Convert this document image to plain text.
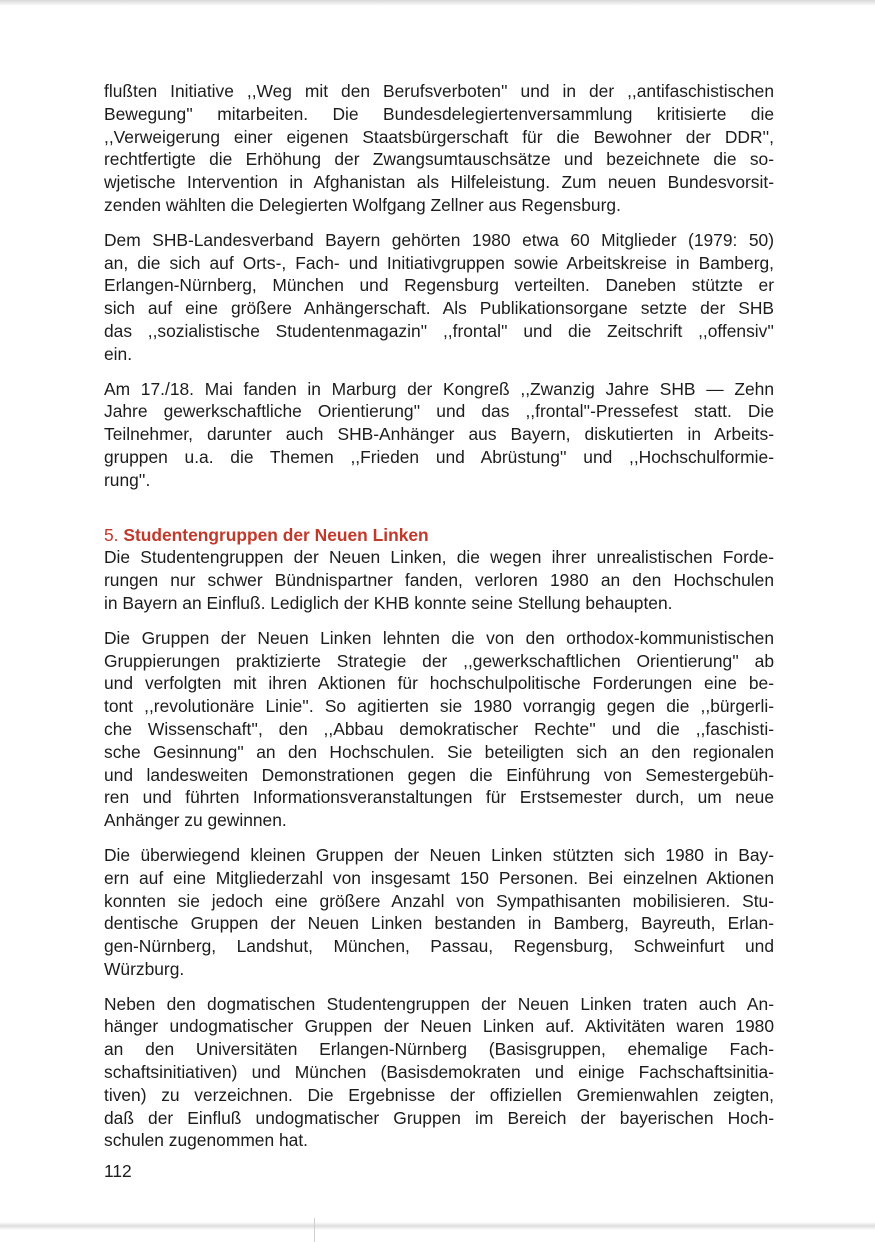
flußten Initiative ,,Weg mit den Berufsverboten'' und in der ,,antifaschistischen
Bewegung'' mitarbeiten. Die Bundesdelegiertenversammlung kritisierte die
,,Verweigerung einer eigenen Staatsbürgerschaft für die Bewohner der DDR'',
rechtfertigte die Erhöhung der Zwangsumtauschsätze und bezeichnete die so-
wjetische Intervention in Afghanistan als Hilfeleistung. Zum neuen Bundesvorsit-
zenden wählten die Delegierten Wolfgang Zellner aus Regensburg.

Dem SHB-Landesverband Bayern gehörten 1980 etwa 60 Mitglieder (1979: 50)
an, die sich auf Orts-, Fach- und Initiativgruppen sowie Arbeitskreise in Bamberg,
Erlangen-Nürnberg, München und Regensburg verteilten. Daneben stützte er
sich auf eine größere Anhängerschaft. Als Publikationsorgane setzte der SHB
das ,,sozialistische Studentenmagazin'' ,,frontal'' und die Zeitschrift ,,offensiv''
ein.

Am 17./18. Mai fanden in Marburg der Kongreß ,,Zwanzig Jahre SHB — Zehn
Jahre gewerkschaftliche Orientierung'' und das ,,frontal''-Pressefest statt. Die
Teilnehmer, darunter auch SHB-Anhänger aus Bayern, diskutierten in Arbeits-
gruppen u.a. die Themen ,,Frieden und Abrüstung'' und ,,Hochschulformie-
rung''.

5. Studentengruppen der Neuen Linken

Die Studentengruppen der Neuen Linken, die wegen ihrer unrealistischen Forde-
rungen nur schwer Bündnispartner fanden, verloren 1980 an den Hochschulen
in Bayern an Einfluß. Lediglich der KHB konnte seine Stellung behaupten.

Die Gruppen der Neuen Linken lehnten die von den orthodox-kommunistischen
Gruppierungen praktizierte Strategie der ,,gewerkschaftlichen Orientierung'' ab
und verfolgten mit ihren Aktionen für hochschulpolitische Forderungen eine be-
tont ,,revolutionäre Linie''. So agitierten sie 1980 vorrangig gegen die ,,bürgerli-
che Wissenschaft'', den ,,Abbau demokratischer Rechte'' und die ,,faschisti-
sche Gesinnung'' an den Hochschulen. Sie beteiligten sich an den regionalen
und landesweiten Demonstrationen gegen die Einführung von Semestergebüh-
ren und führten Informationsveranstaltungen für Erstsemester durch, um neue
Anhänger zu gewinnen.

Die überwiegend kleinen Gruppen der Neuen Linken stützten sich 1980 in Bay-
ern auf eine Mitgliederzahl von insgesamt 150 Personen. Bei einzelnen Aktionen
konnten sie jedoch eine größere Anzahl von Sympathisanten mobilisieren. Stu-
dentische Gruppen der Neuen Linken bestanden in Bamberg, Bayreuth, Erlan-
gen-Nürnberg, Landshut, München, Passau, Regensburg, Schweinfurt und
Würzburg.

Neben den dogmatischen Studentengruppen der Neuen Linken traten auch An-
hänger undogmatischer Gruppen der Neuen Linken auf. Aktivitäten waren 1980
an den Universitäten Erlangen-Nürnberg (Basisgruppen, ehemalige Fach-
schaftsinitiativen) und München (Basisdemokraten und einige Fachschaftsinitia-
tiven) zu verzeichnen. Die Ergebnisse der offiziellen Gremienwahlen zeigten,
daß der Einfluß undogmatischer Gruppen im Bereich der bayerischen Hoch-
schulen zugenommen hat.

112
